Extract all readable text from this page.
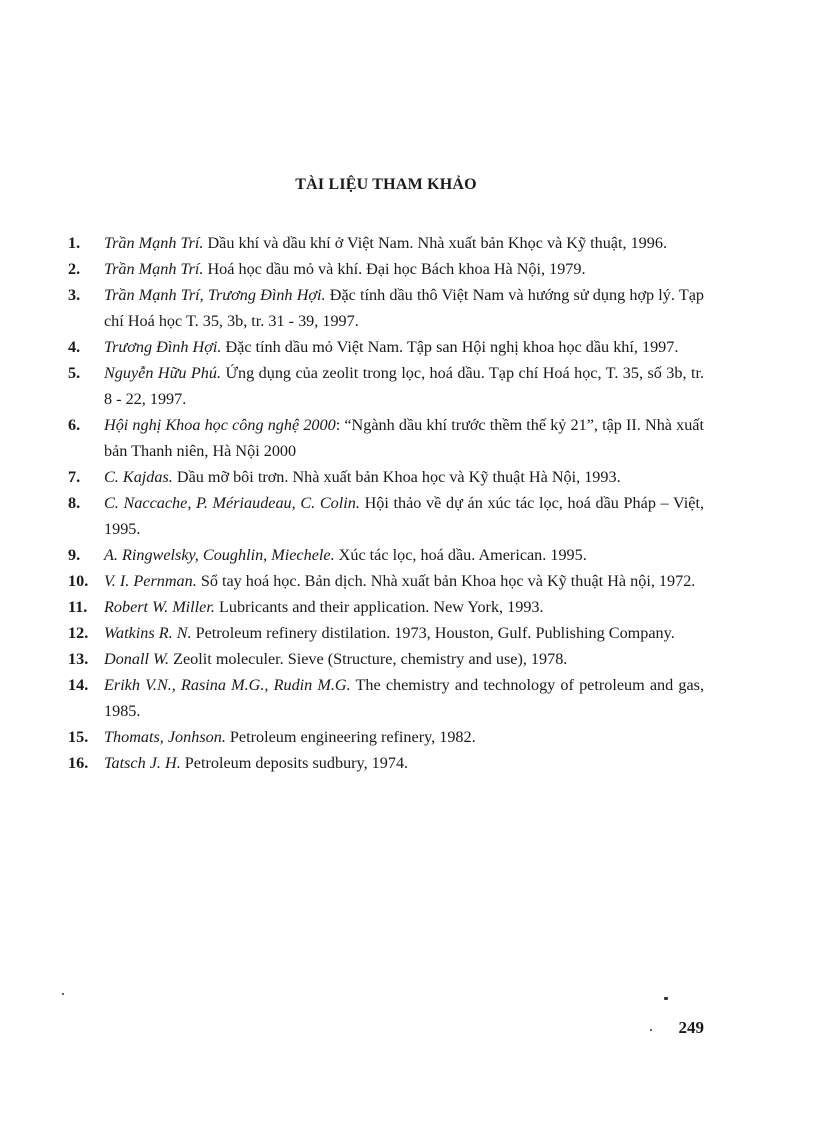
TÀI LIỆU THAM KHẢO
1.	Trần Mạnh Trí. Dầu khí và dầu khí ở Việt Nam. Nhà xuất bản Khọc và Kỹ thuật, 1996.
2.	Trần Mạnh Trí. Hoá học dầu mỏ và khí. Đại học Bách khoa Hà Nội, 1979.
3.	Trần Mạnh Trí, Trương Đình Hợi. Đặc tính dầu thô Việt Nam và hướng sử dụng hợp lý. Tạp chí Hoá học T. 35, 3b, tr. 31 - 39, 1997.
4.	Trương Đình Hợi. Đặc tính dầu mỏ Việt Nam. Tập san Hội nghị khoa học dầu khí, 1997.
5.	Nguyễn Hữu Phú. Ứng dụng của zeolit trong lọc, hoá dầu. Tạp chí Hoá học, T. 35, số 3b, tr. 8 - 22, 1997.
6.	Hội nghị Khoa học công nghệ 2000: “Ngành dầu khí trước thềm thế kỷ 21”, tập II. Nhà xuất bản Thanh niên, Hà Nội 2000
7.	C. Kajdas. Dầu mỡ bôi trơn. Nhà xuất bản Khoa học và Kỹ thuật Hà Nội, 1993.
8.	C. Naccache, P. Mériaudeau, C. Colin. Hội thảo về dự án xúc tác lọc, hoá dầu Pháp – Việt, 1995.
9.	A. Ringwelsky, Coughlin, Miechele. Xúc tác lọc, hoá dầu. American. 1995.
10. V. I. Pernman. Sổ tay hoá học. Bản dịch. Nhà xuất bản Khoa học và Kỹ thuật Hà nội, 1972.
11.	Robert W. Miller. Lubricants and their application. New York, 1993.
12. Watkins R. N. Petroleum refinery distilation. 1973, Houston, Gulf. Publishing Company.
13. Donall W. Zeolit moleculer. Sieve (Structure, chemistry and use), 1978.
14. Erikh V.N., Rasina M.G., Rudin M.G. The chemistry and technology of petroleum and gas, 1985.
15. Thomats, Jonhson. Petroleum engineering refinery, 1982.
16. Tatsch J. H. Petroleum deposits sudbury, 1974.
249
